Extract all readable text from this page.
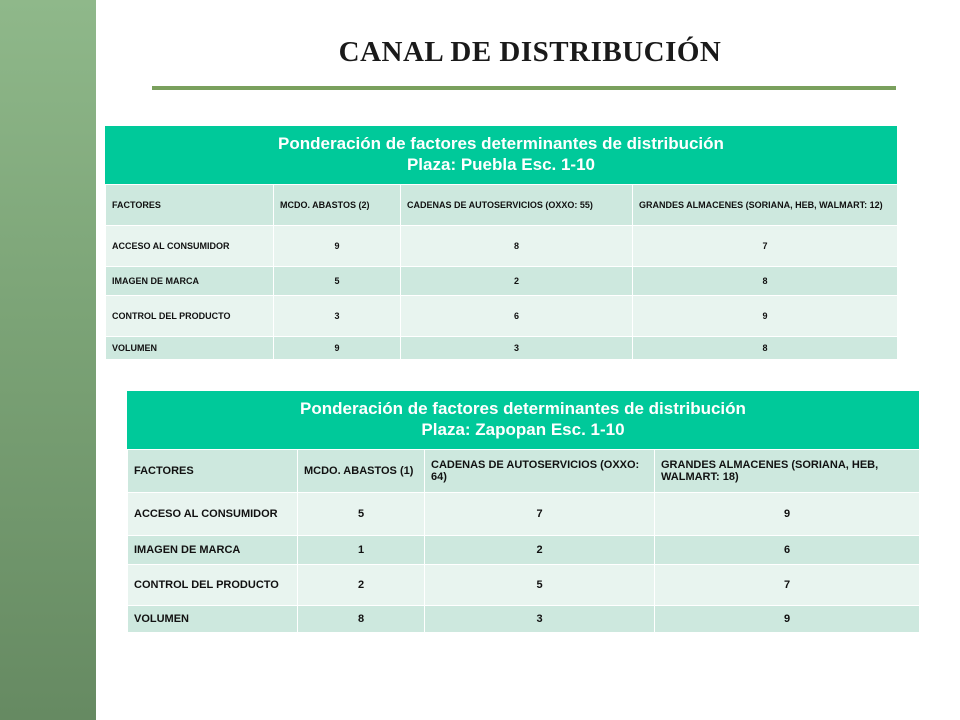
CANAL DE DISTRIBUCIÓN
Ponderación de factores determinantes de distribución
Plaza: Puebla Esc. 1-10
FACTORES	MCDO. ABASTOS (2)	CADENAS DE AUTOSERVICIOS (OXXO: 55)	GRANDES ALMACENES (SORIANA, HEB, WALMART: 12)
ACCESO AL CONSUMIDOR	9	8	7
IMAGEN DE MARCA	5	2	8
CONTROL DEL PRODUCTO	3	6	9
VOLUMEN	9	3	8
Ponderación de factores determinantes de distribución
Plaza: Zapopan Esc. 1-10
FACTORES	MCDO. ABASTOS (1)	CADENAS DE AUTOSERVICIOS (OXXO: 64)	GRANDES ALMACENES (SORIANA, HEB, WALMART: 18)
ACCESO AL CONSUMIDOR	5	7	9
IMAGEN DE MARCA	1	2	6
CONTROL DEL PRODUCTO	2	5	7
VOLUMEN	8	3	9
